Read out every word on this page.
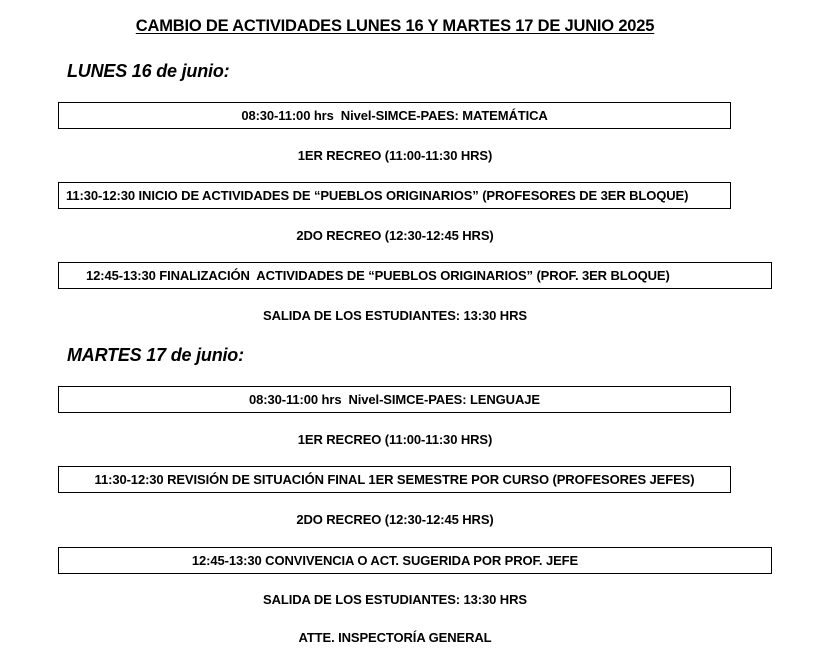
CAMBIO DE ACTIVIDADES LUNES 16 Y MARTES 17 DE JUNIO 2025
LUNES 16 de junio:
08:30-11:00 hrs  Nivel-SIMCE-PAES: MATEMÁTICA
1ER RECREO (11:00-11:30 HRS)
11:30-12:30 INICIO DE ACTIVIDADES DE “PUEBLOS ORIGINARIOS” (PROFESORES DE 3ER BLOQUE)
2DO RECREO (12:30-12:45 HRS)
12:45-13:30 FINALIZACIÓN  ACTIVIDADES DE “PUEBLOS ORIGINARIOS” (PROF. 3ER BLOQUE)
SALIDA DE LOS ESTUDIANTES: 13:30 HRS
MARTES 17 de junio:
08:30-11:00 hrs  Nivel-SIMCE-PAES: LENGUAJE
1ER RECREO (11:00-11:30 HRS)
11:30-12:30 REVISIÓN DE SITUACIÓN FINAL 1ER SEMESTRE POR CURSO (PROFESORES JEFES)
2DO RECREO (12:30-12:45 HRS)
12:45-13:30 CONVIVENCIA O ACT. SUGERIDA POR PROF. JEFE
SALIDA DE LOS ESTUDIANTES: 13:30 HRS
ATTE. INSPECTORÍA GENERAL
